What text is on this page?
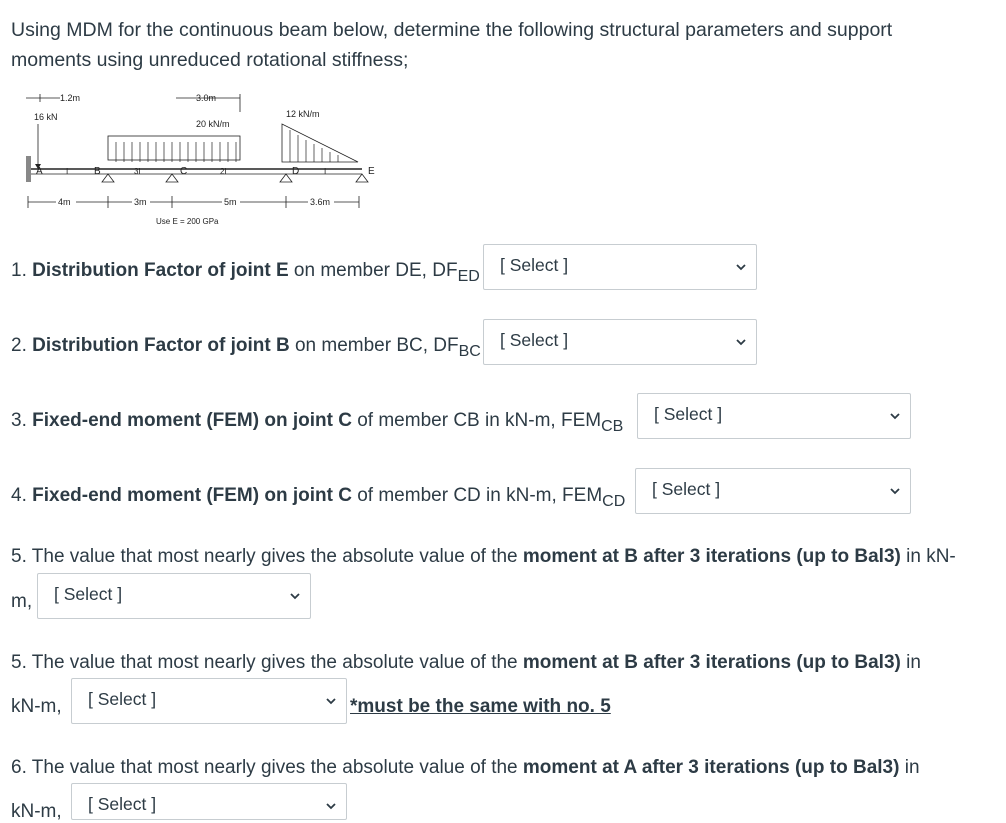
Using MDM for the continuous beam below, determine the following structural parameters and support moments using unreduced rotational stiffness;
1.2m
16 kN
3.0m
20 kN/m
12 kN/m
A	B	C	D	E
I	3I	2I	I
4m	3m	5m	3.6m
Use E = 200 GPa
1. Distribution Factor of joint E on member DE, $DF_{ED}$
[ Select ]
2. Distribution Factor of joint B on member BC, $DF_{BC}$
[ Select ]
3. Fixed-end moment (FEM) on joint C of member CB in kN-m, $FEM_{CB}$
[ Select ]
4. Fixed-end moment (FEM) on joint C of member CD in kN-m, $FEM_{CD}$
[ Select ]
5. The value that most nearly gives the absolute value of the moment at B after 3 iterations (up to Bal3) in kN-
m, [ Select ]
5. The value that most nearly gives the absolute value of the moment at B after 3 iterations (up to Bal3) in
kN-m, [ Select ]	*must be the same with no. 5
6. The value that most nearly gives the absolute value of the moment at A after 3 iterations (up to Bal3) in
kN-m, [ Select ]
